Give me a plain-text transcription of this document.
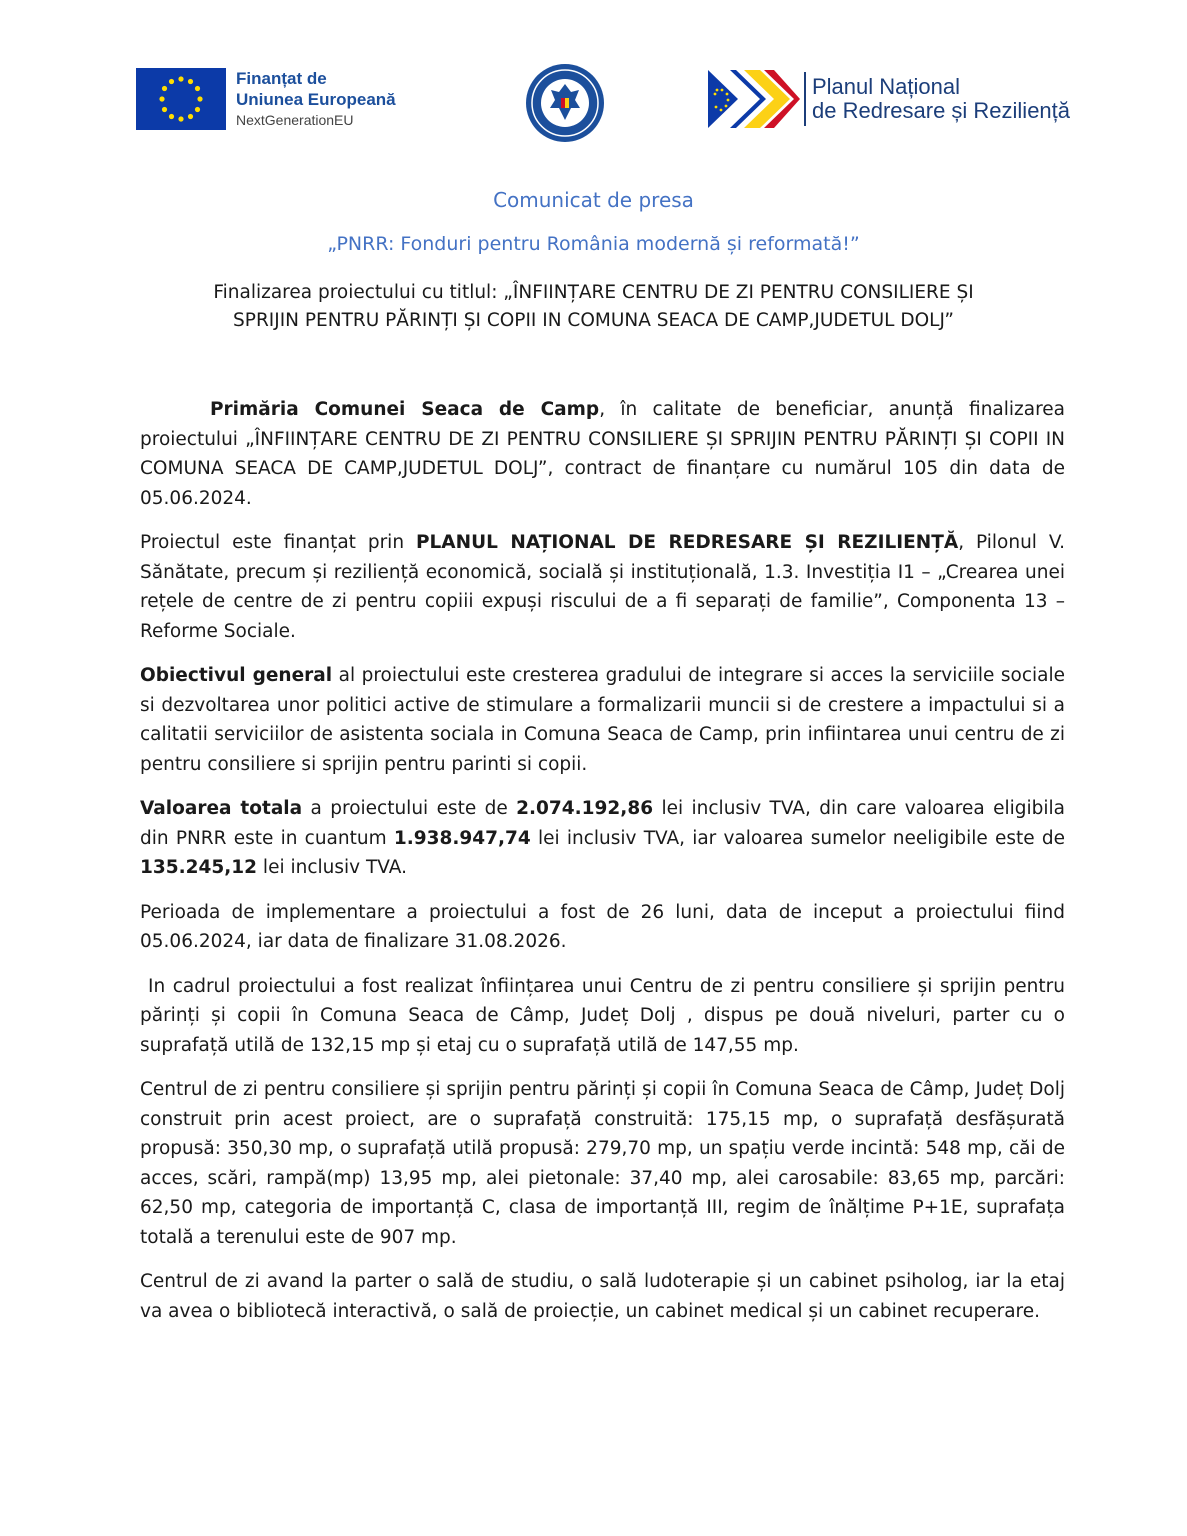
Finanțat de
Uniunea Europeană
NextGenerationEU
Planul Național
de Redresare și Reziliență
Comunicat de presa
„PNRR: Fonduri pentru România modernă și reformată!”
Finalizarea proiectului cu titlul: „ÎNFIINȚARE CENTRU DE ZI PENTRU CONSILIERE ȘI
SPRIJIN PENTRU PĂRINȚI ȘI COPII IN COMUNA SEACA DE CAMP,JUDETUL DOLJ”

Primăria Comunei Seaca de Camp, în calitate de beneficiar, anunță finalizarea proiectului „ÎNFIINȚARE CENTRU DE ZI PENTRU CONSILIERE ȘI SPRIJIN PENTRU PĂRINȚI ȘI COPII IN COMUNA SEACA DE CAMP,JUDETUL DOLJ”, contract de finanțare cu numărul 105 din data de 05.06.2024.

Proiectul este finanțat prin PLANUL NAȚIONAL DE REDRESARE ȘI REZILIENȚĂ, Pilonul V. Sănătate, precum și reziliență economică, socială și instituțională, 1.3. Investiția I1 – „Crearea unei rețele de centre de zi pentru copiii expuși riscului de a fi separați de familie”, Componenta 13 – Reforme Sociale.

Obiectivul general al proiectului este cresterea gradului de integrare si acces la serviciile sociale si dezvoltarea unor politici active de stimulare a formalizarii muncii si de crestere a impactului si a calitatii serviciilor de asistenta sociala in Comuna Seaca de Camp, prin infiintarea unui centru de zi pentru consiliere si sprijin pentru parinti si copii.

Valoarea totala a proiectului este de 2.074.192,86 lei inclusiv TVA, din care valoarea eligibila din PNRR este in cuantum 1.938.947,74 lei inclusiv TVA, iar valoarea sumelor neeligibile este de 135.245,12 lei inclusiv TVA.

Perioada de implementare a proiectului a fost de 26 luni, data de inceput a proiectului fiind 05.06.2024, iar data de finalizare 31.08.2026.

In cadrul proiectului a fost realizat înființarea unui Centru de zi pentru consiliere și sprijin pentru părinți și copii în Comuna Seaca de Câmp, Județ Dolj , dispus pe două niveluri, parter cu o suprafață utilă de 132,15 mp și etaj cu o suprafață utilă de 147,55 mp.

Centrul de zi pentru consiliere și sprijin pentru părinți și copii în Comuna Seaca de Câmp, Județ Dolj construit prin acest proiect, are o suprafață construită: 175,15 mp, o suprafață desfășurată propusă: 350,30 mp, o suprafață utilă propusă: 279,70 mp, un spațiu verde incintă: 548 mp, căi de acces, scări, rampă(mp) 13,95 mp, alei pietonale: 37,40 mp, alei carosabile: 83,65 mp, parcări: 62,50 mp, categoria de importanță C, clasa de importanță III, regim de înălțime P+1E, suprafața totală a terenului este de 907 mp.

Centrul de zi avand la parter o sală de studiu, o sală ludoterapie și un cabinet psiholog, iar la etaj va avea o bibliotecă interactivă, o sală de proiecție, un cabinet medical și un cabinet recuperare.
